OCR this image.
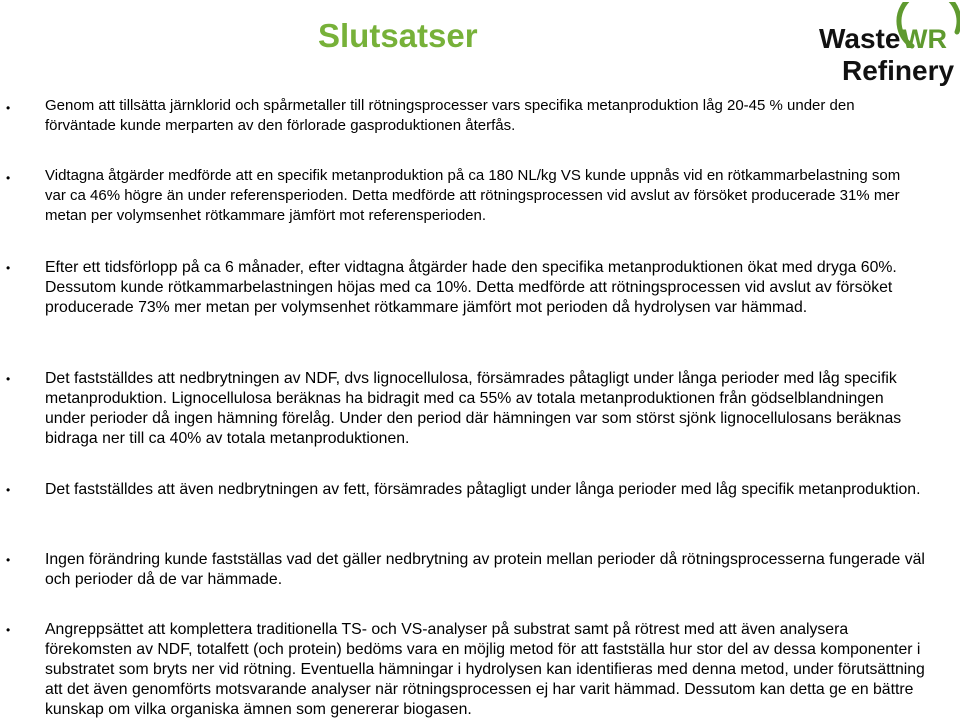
Slutsatser	Waste WR
Refinery
• Genom att tillsätta järnklorid och spårmetaller till rötningsprocesser vars specifika metanproduktion låg 20-45 % under den förväntade kunde merparten av den förlorade gasproduktionen återfås.
• Vidtagna åtgärder medförde att en specifik metanproduktion på ca 180 NL/kg VS kunde uppnås vid en rötkammarbelastning som var ca 46% högre än under referensperioden. Detta medförde att rötningsprocessen vid avslut av försöket producerade 31% mer metan per volymsenhet rötkammare jämfört mot referensperioden.
• Efter ett tidsförlopp på ca 6 månader, efter vidtagna åtgärder hade den specifika metanproduktionen ökat med dryga 60%. Dessutom kunde rötkammarbelastningen höjas med ca 10%. Detta medförde att rötningsprocessen vid avslut av försöket producerade 73% mer metan per volymsenhet rötkammare jämfört mot perioden då hydrolysen var hämmad.
• Det fastställdes att nedbrytningen av NDF, dvs lignocellulosa, försämrades påtagligt under långa perioder med låg specifik metanproduktion. Lignocellulosa beräknas ha bidragit med ca 55% av totala metanproduktionen från gödselblandningen under perioder då ingen hämning förelåg. Under den period där hämningen var som störst sjönk lignocellulosans beräknas bidraga ner till ca 40% av totala metanproduktionen.
• Det fastställdes att även nedbrytningen av fett, försämrades påtagligt under långa perioder med låg specifik metanproduktion.
• Ingen förändring kunde fastställas vad det gäller nedbrytning av protein mellan perioder då rötningsprocesserna fungerade väl och perioder då de var hämmade.
• Angreppsättet att komplettera traditionella TS- och VS-analyser på substrat samt på rötrest med att även analysera förekomsten av NDF, totalfett (och protein) bedöms vara en möjlig metod för att fastställa hur stor del av dessa komponenter i substratet som bryts ner vid rötning. Eventuella hämningar i hydrolysen kan identifieras med denna metod, under förutsättning att det även genomförts motsvarande analyser när rötningsprocessen ej har varit hämmad. Dessutom kan detta ge en bättre kunskap om vilka organiska ämnen som genererar biogasen.
